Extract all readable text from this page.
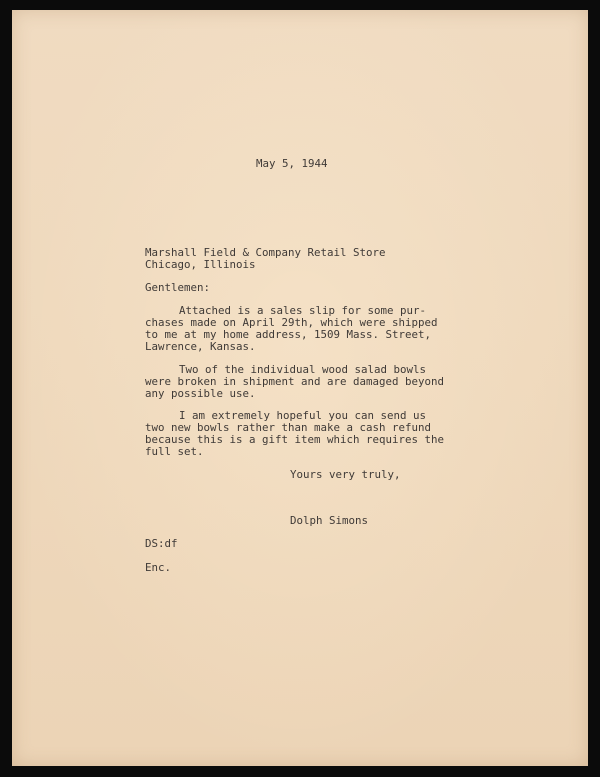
May 5, 1944
Marshall Field & Company Retail Store
Chicago, Illinois
Gentlemen:
Attached is a sales slip for some pur-
chases made on April 29th, which were shipped
to me at my home address, 1509 Mass. Street,
Lawrence, Kansas.
Two of the individual wood salad bowls
were broken in shipment and are damaged beyond
any possible use.
I am extremely hopeful you can send us
two new bowls rather than make a cash refund
because this is a gift item which requires the
full set.
Yours very truly,
Dolph Simons
DS:df
Enc.
